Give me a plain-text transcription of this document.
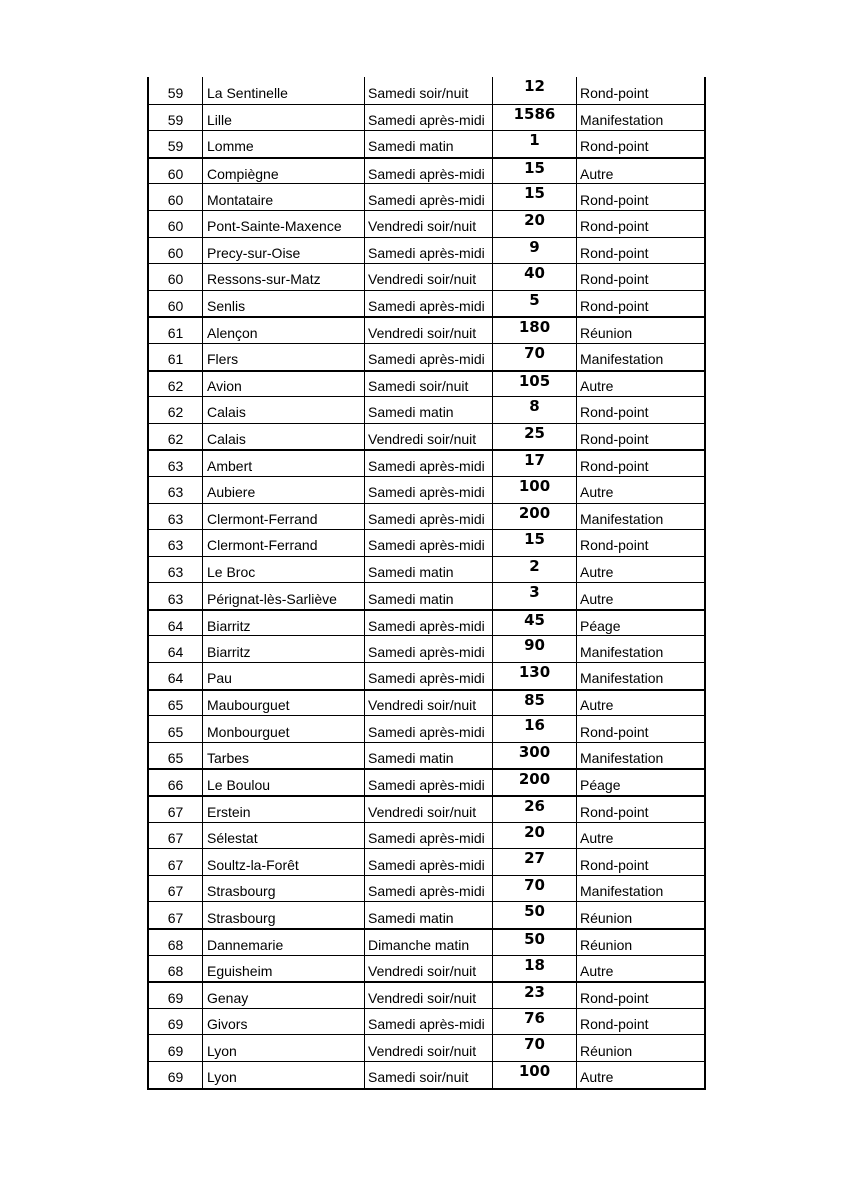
59	La Sentinelle	Samedi soir/nuit	12	Rond-point
59	Lille	Samedi après-midi	1586	Manifestation
59	Lomme	Samedi matin	1	Rond-point
60	Compiègne	Samedi après-midi	15	Autre
60	Montataire	Samedi après-midi	15	Rond-point
60	Pont-Sainte-Maxence	Vendredi soir/nuit	20	Rond-point
60	Precy-sur-Oise	Samedi après-midi	9	Rond-point
60	Ressons-sur-Matz	Vendredi soir/nuit	40	Rond-point
60	Senlis	Samedi après-midi	5	Rond-point
61	Alençon	Vendredi soir/nuit	180	Réunion
61	Flers	Samedi après-midi	70	Manifestation
62	Avion	Samedi soir/nuit	105	Autre
62	Calais	Samedi matin	8	Rond-point
62	Calais	Vendredi soir/nuit	25	Rond-point
63	Ambert	Samedi après-midi	17	Rond-point
63	Aubiere	Samedi après-midi	100	Autre
63	Clermont-Ferrand	Samedi après-midi	200	Manifestation
63	Clermont-Ferrand	Samedi après-midi	15	Rond-point
63	Le Broc	Samedi matin	2	Autre
63	Pérignat-lès-Sarliève	Samedi matin	3	Autre
64	Biarritz	Samedi après-midi	45	Péage
64	Biarritz	Samedi après-midi	90	Manifestation
64	Pau	Samedi après-midi	130	Manifestation
65	Maubourguet	Vendredi soir/nuit	85	Autre
65	Monbourguet	Samedi après-midi	16	Rond-point
65	Tarbes	Samedi matin	300	Manifestation
66	Le Boulou	Samedi après-midi	200	Péage
67	Erstein	Vendredi soir/nuit	26	Rond-point
67	Sélestat	Samedi après-midi	20	Autre
67	Soultz-la-Forêt	Samedi après-midi	27	Rond-point
67	Strasbourg	Samedi après-midi	70	Manifestation
67	Strasbourg	Samedi matin	50	Réunion
68	Dannemarie	Dimanche matin	50	Réunion
68	Eguisheim	Vendredi soir/nuit	18	Autre
69	Genay	Vendredi soir/nuit	23	Rond-point
69	Givors	Samedi après-midi	76	Rond-point
69	Lyon	Vendredi soir/nuit	70	Réunion
69	Lyon	Samedi soir/nuit	100	Autre
